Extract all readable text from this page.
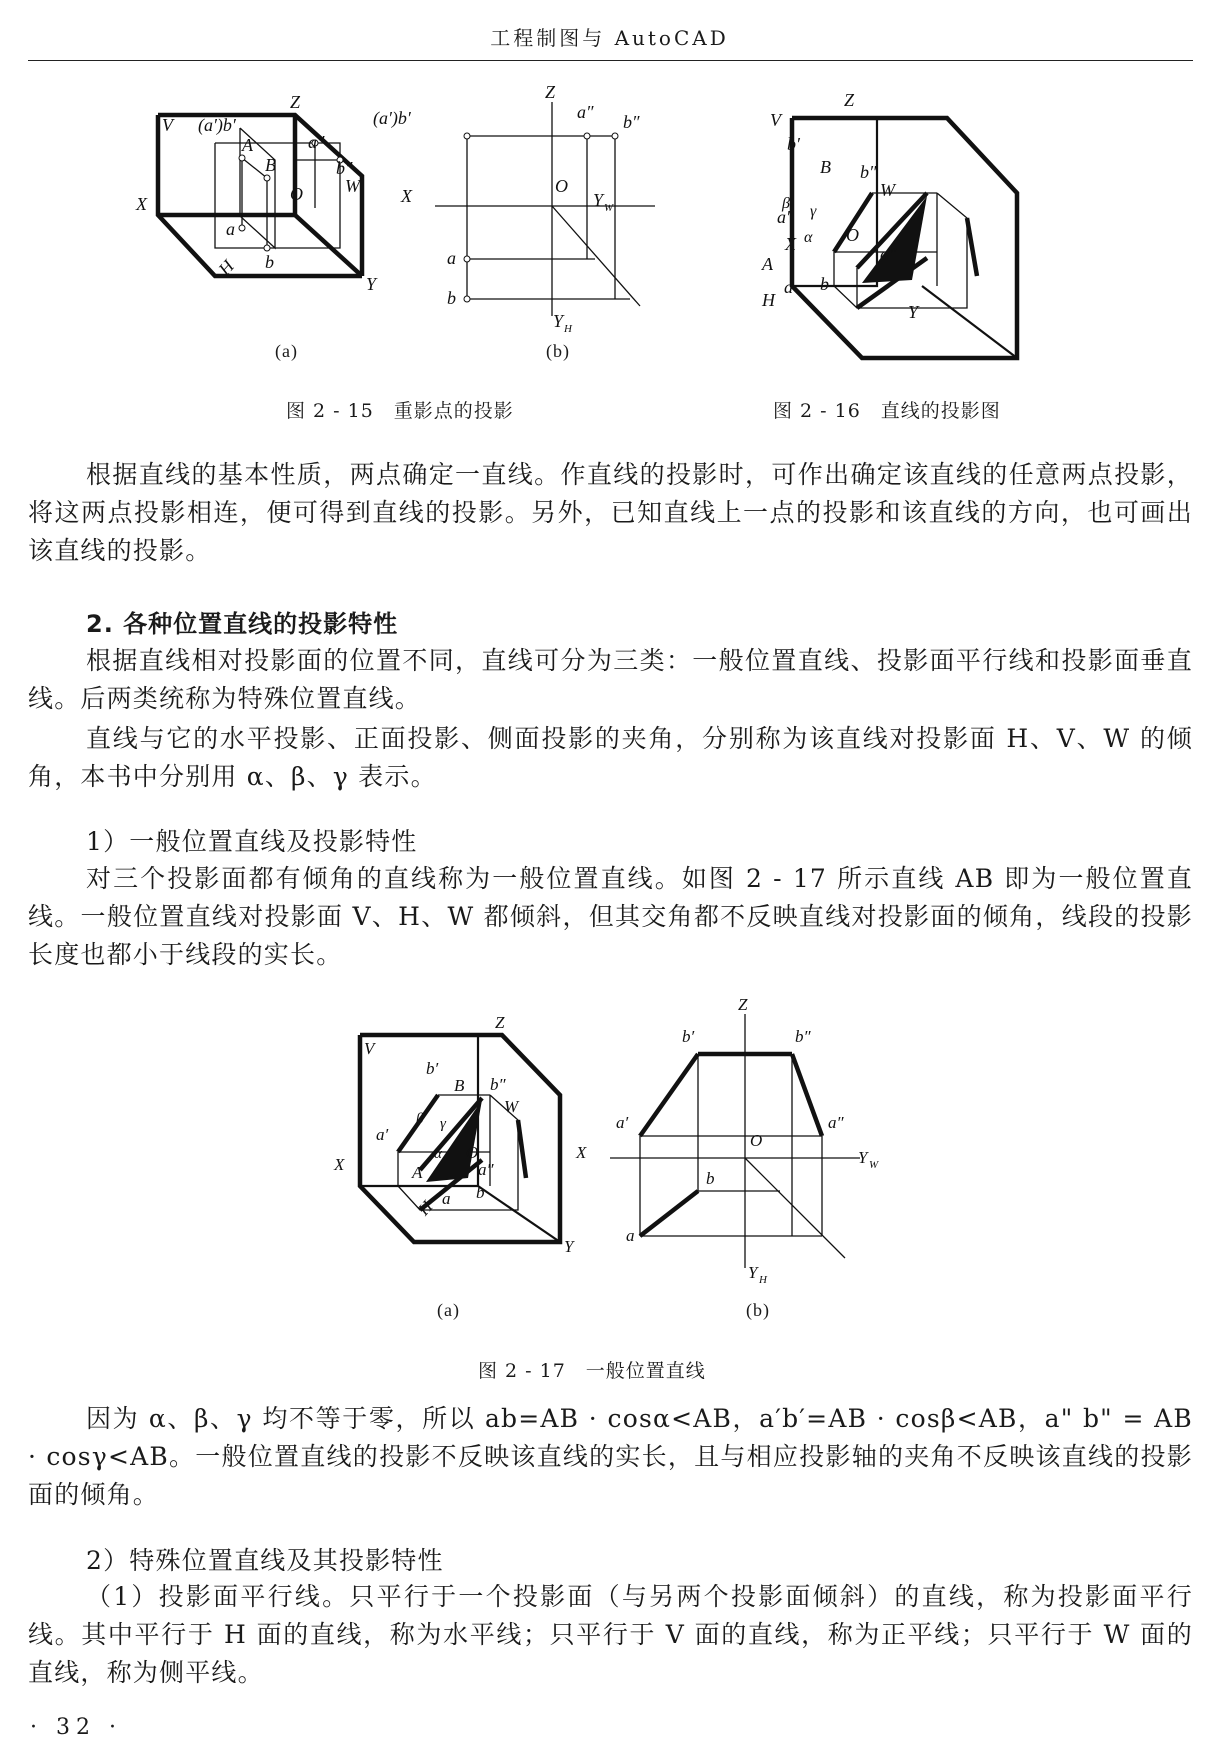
工程制图与 AutoCAD
V (a′)b′
Z
A
B
a″
b″
W
O
X
a
b
H
Y
(a)
Z
(a′)b′	a″ b″
X	O
Y W
a
b
Y H
(b)
图 2 - 15　重影点的投影
V
Z
X
b′
B b″
W
a′
β γ
α O
a″
A
a b
H
Y
图 2 - 16　直线的投影图

根据直线的基本性质，两点确定一直线。作直线的投影时，可作出确定该直线的任意两点投影，将这两点投影相连，便可得到直线的投影。另外，已知直线上一点的投影和该直线的方向，也可画出该直线的投影。

2. 各种位置直线的投影特性

根据直线相对投影面的位置不同，直线可分为三类：一般位置直线、投影面平行线和投影面垂直线。后两类统称为特殊位置直线。

直线与它的水平投影、正面投影、侧面投影的夹角，分别称为该直线对投影面 H、V、W 的倾角，本书中分别用 α、β、γ 表示。

1）一般位置直线及投影特性

对三个投影面都有倾角的直线称为一般位置直线。如图 2 - 17 所示直线 AB 即为一般位置直线。一般位置直线对投影面 V、H、W 都倾斜，但其交角都不反映直线对投影面的倾角，线段的投影长度也都小于线段的实长。

V
Z
b′
B b″
W
a′
β γ
α O
a″
X	A
a b
H
Y
(a)
Z
b′	b″
a′	a″
X
O
Y W
b
a
Y H
(b)
图 2 - 17　一般位置直线

因为 α、β、γ 均不等于零，所以 ab=AB · cosα<AB，a′b′=AB · cosβ<AB，a" b" = AB · cosγ<AB。一般位置直线的投影不反映该直线的实长，且与相应投影轴的夹角不反映该直线的投影面的倾角。

2）特殊位置直线及其投影特性

（1）投影面平行线。只平行于一个投影面（与另两个投影面倾斜）的直线，称为投影面平行线。其中平行于 H 面的直线，称为水平线；只平行于 V 面的直线，称为正平线；只平行于 W 面的直线，称为侧平线。

· 32 ·
